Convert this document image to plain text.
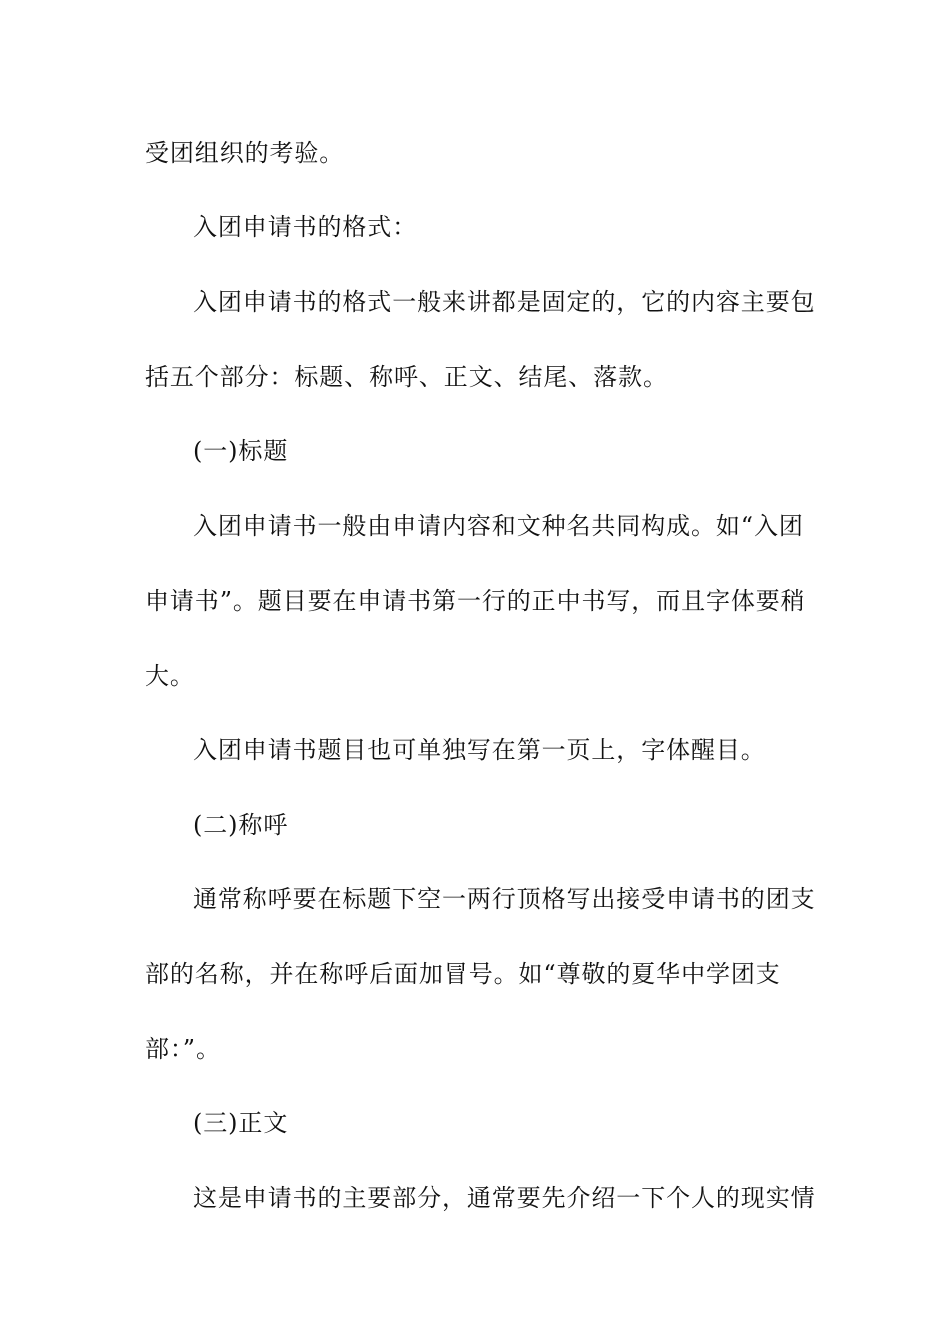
受团组织的考验。
入团申请书的格式：
入团申请书的格式一般来讲都是固定的，它的内容主要包
括五个部分：标题、称呼、正文、结尾、落款。
(一)标题
入团申请书一般由申请内容和文种名共同构成。如“入团
申请书”。题目要在申请书第一行的正中书写，而且字体要稍
大。
入团申请书题目也可单独写在第一页上，字体醒目。
(二)称呼
通常称呼要在标题下空一两行顶格写出接受申请书的团支
部的名称，并在称呼后面加冒号。如“尊敬的夏华中学团支
部：”。
(三)正文
这是申请书的主要部分，通常要先介绍一下个人的现实情
